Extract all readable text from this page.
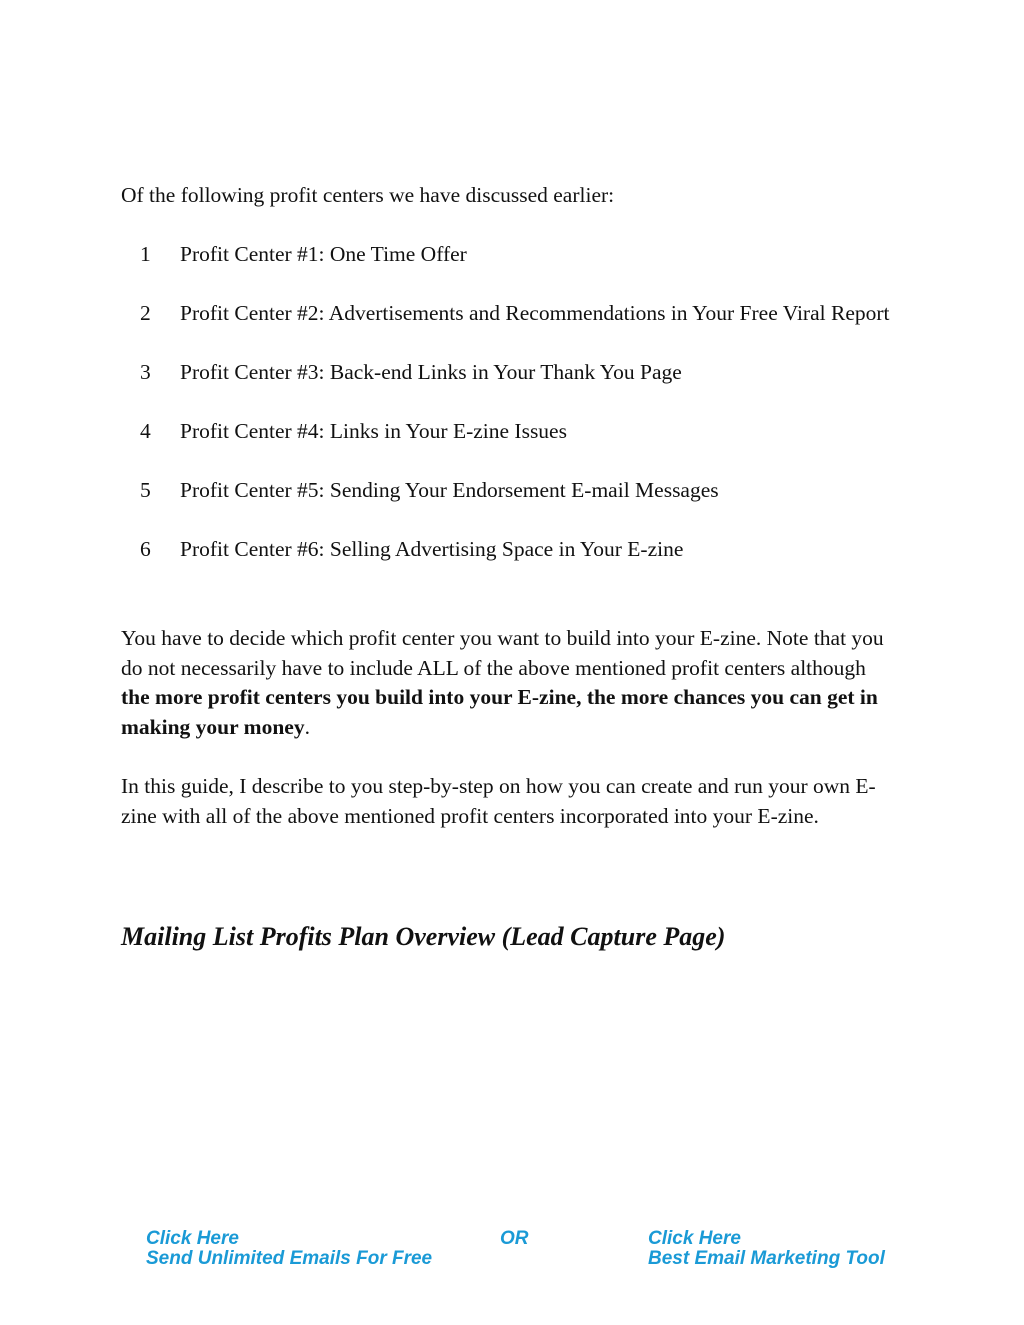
Of the following profit centers we have discussed earlier:

1	Profit Center #1: One Time Offer
2	Profit Center #2: Advertisements and Recommendations in Your Free Viral Report
3	Profit Center #3: Back-end Links in Your Thank You Page
4	Profit Center #4: Links in Your E-zine Issues
5	Profit Center #5: Sending Your Endorsement E-mail Messages
6	Profit Center #6: Selling Advertising Space in Your E-zine

You have to decide which profit center you want to build into your E-zine. Note that you do not necessarily have to include ALL of the above mentioned profit centers although the more profit centers you build into your E-zine, the more chances you can get in making your money.

In this guide, I describe to you step-by-step on how you can create and run your own E-zine with all of the above mentioned profit centers incorporated into your E-zine.

Mailing List Profits Plan Overview (Lead Capture Page)
Click Here
Send Unlimited Emails For Free
OR	Click Here
Best Email Marketing Tool
